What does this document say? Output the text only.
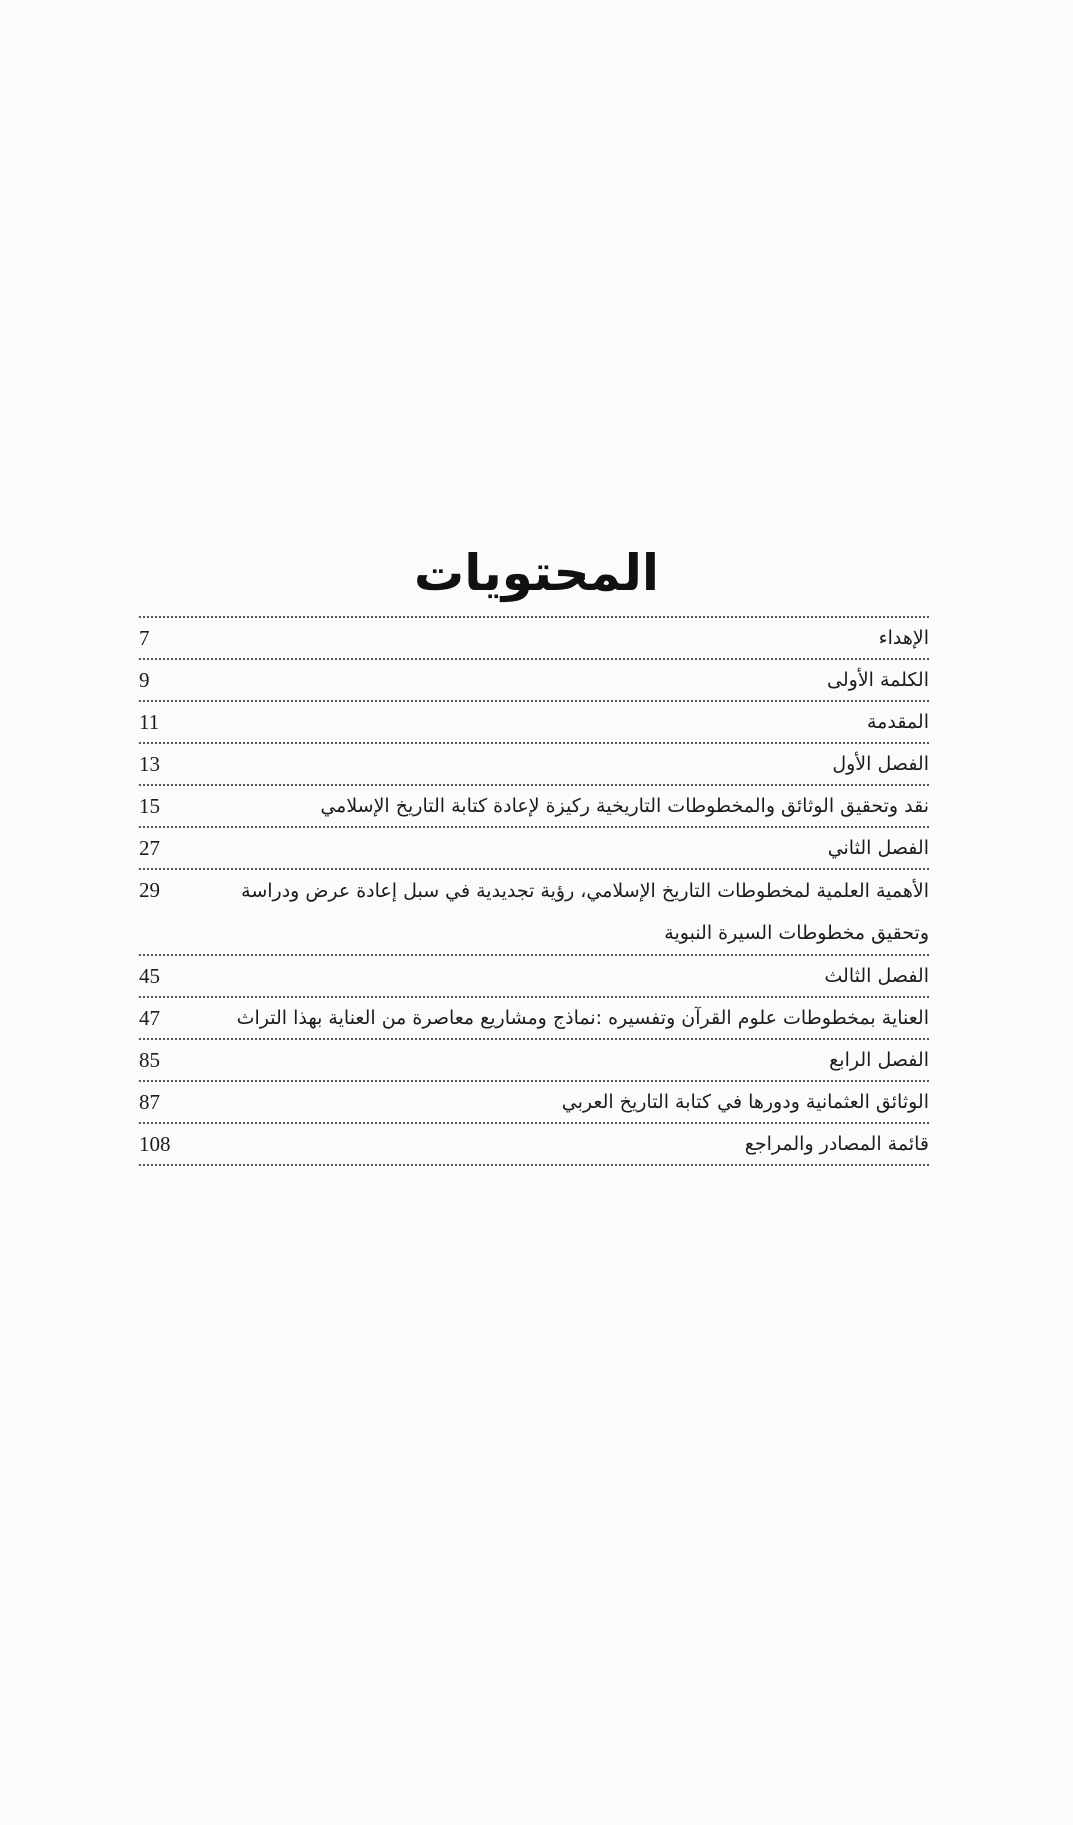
المحتويات
الإهداء
7
الكلمة الأولى
9
المقدمة
11
الفصل الأول
13
نقد وتحقيق الوثائق والمخطوطات التاريخية ركيزة لإعادة كتابة التاريخ الإسلامي
15
الفصل الثاني
27
الأهمية العلمية لمخطوطات التاريخ الإسلامي، رؤية تجديدية في سبل إعادة عرض ودراسة وتحقيق مخطوطات السيرة النبوية
29
الفصل الثالث
45
العناية بمخطوطات علوم القرآن وتفسيره :نماذج ومشاريع معاصرة من العناية بهذا التراث
47
الفصل الرابع
85
الوثائق العثمانية ودورها في كتابة التاريخ العربي
87
قائمة المصادر والمراجع
108
